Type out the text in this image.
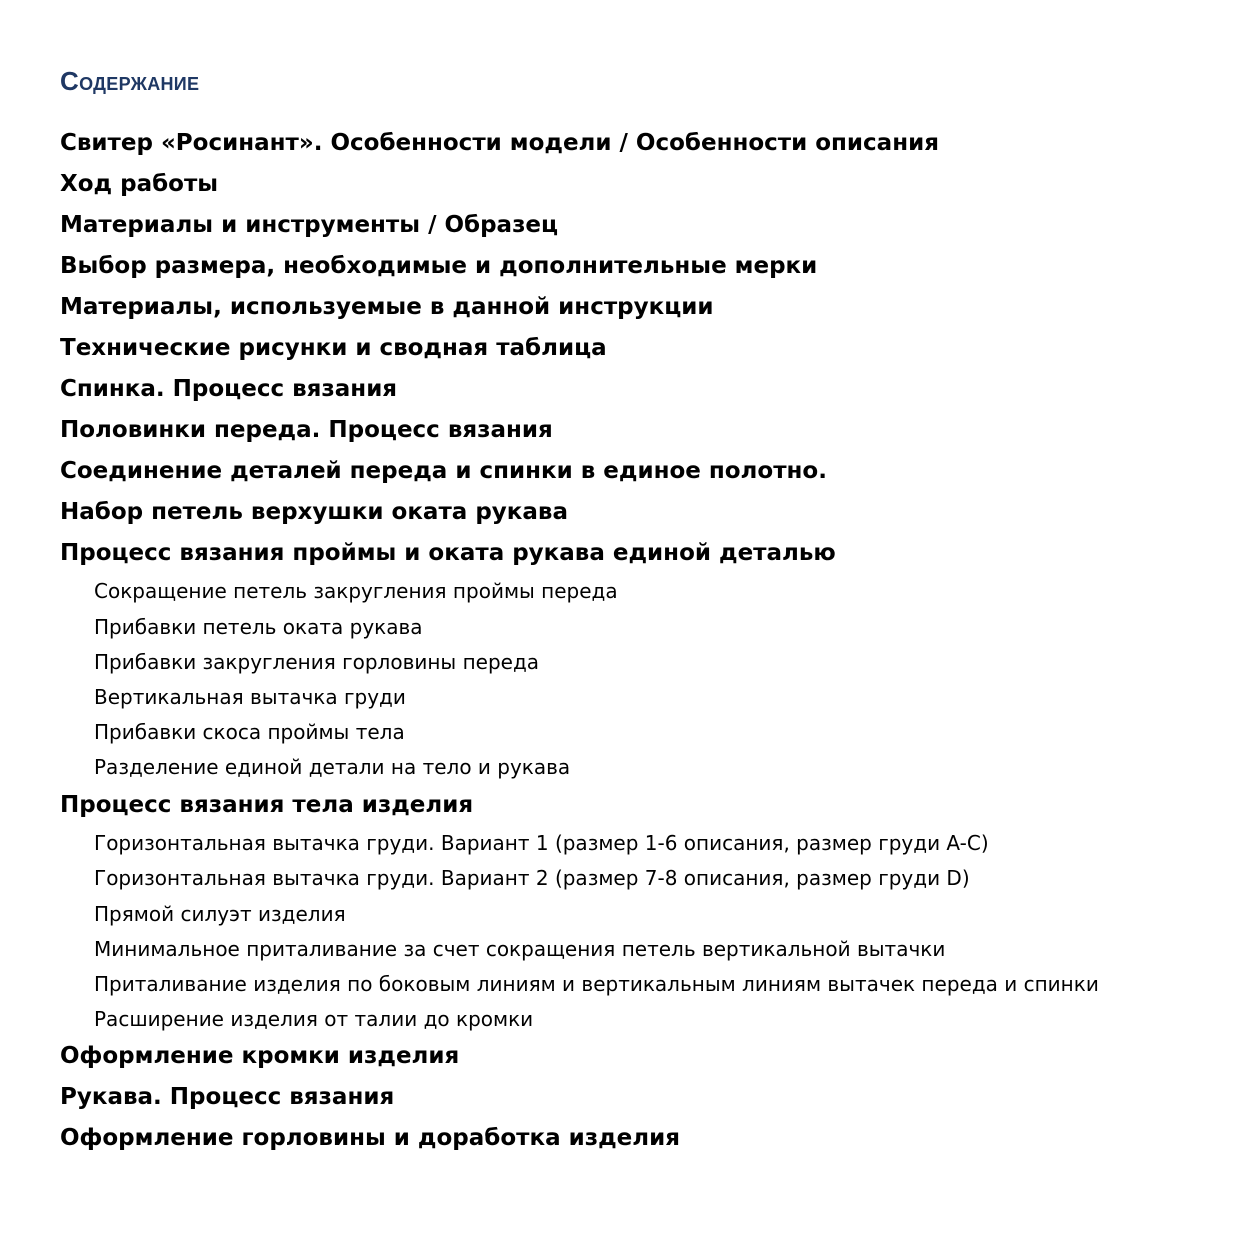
Содержание
Свитер «Росинант». Особенности модели / Особенности описания
Ход работы
Материалы и инструменты / Образец
Выбор размера, необходимые и дополнительные мерки
Материалы, используемые в данной инструкции
Технические рисунки и сводная таблица
Спинка. Процесс вязания
Половинки переда. Процесс вязания
Соединение деталей переда и спинки в единое полотно.
Набор петель верхушки оката рукава
Процесс вязания проймы и оката рукава единой деталью
Сокращение петель закругления проймы переда
Прибавки петель оката рукава
Прибавки закругления горловины переда
Вертикальная вытачка груди
Прибавки скоса проймы тела
Разделение единой детали на тело и рукава
Процесс вязания тела изделия
Горизонтальная вытачка груди. Вариант 1 (размер 1-6 описания, размер груди A-C)
Горизонтальная вытачка груди. Вариант 2 (размер 7-8 описания, размер груди D)
Прямой силуэт изделия
Минимальное приталивание за счет сокращения петель вертикальной вытачки
Приталивание изделия по боковым линиям и вертикальным линиям вытачек переда и спинки
Расширение изделия от талии до кромки
Оформление кромки изделия
Рукава. Процесс вязания
Оформление горловины и доработка изделия
